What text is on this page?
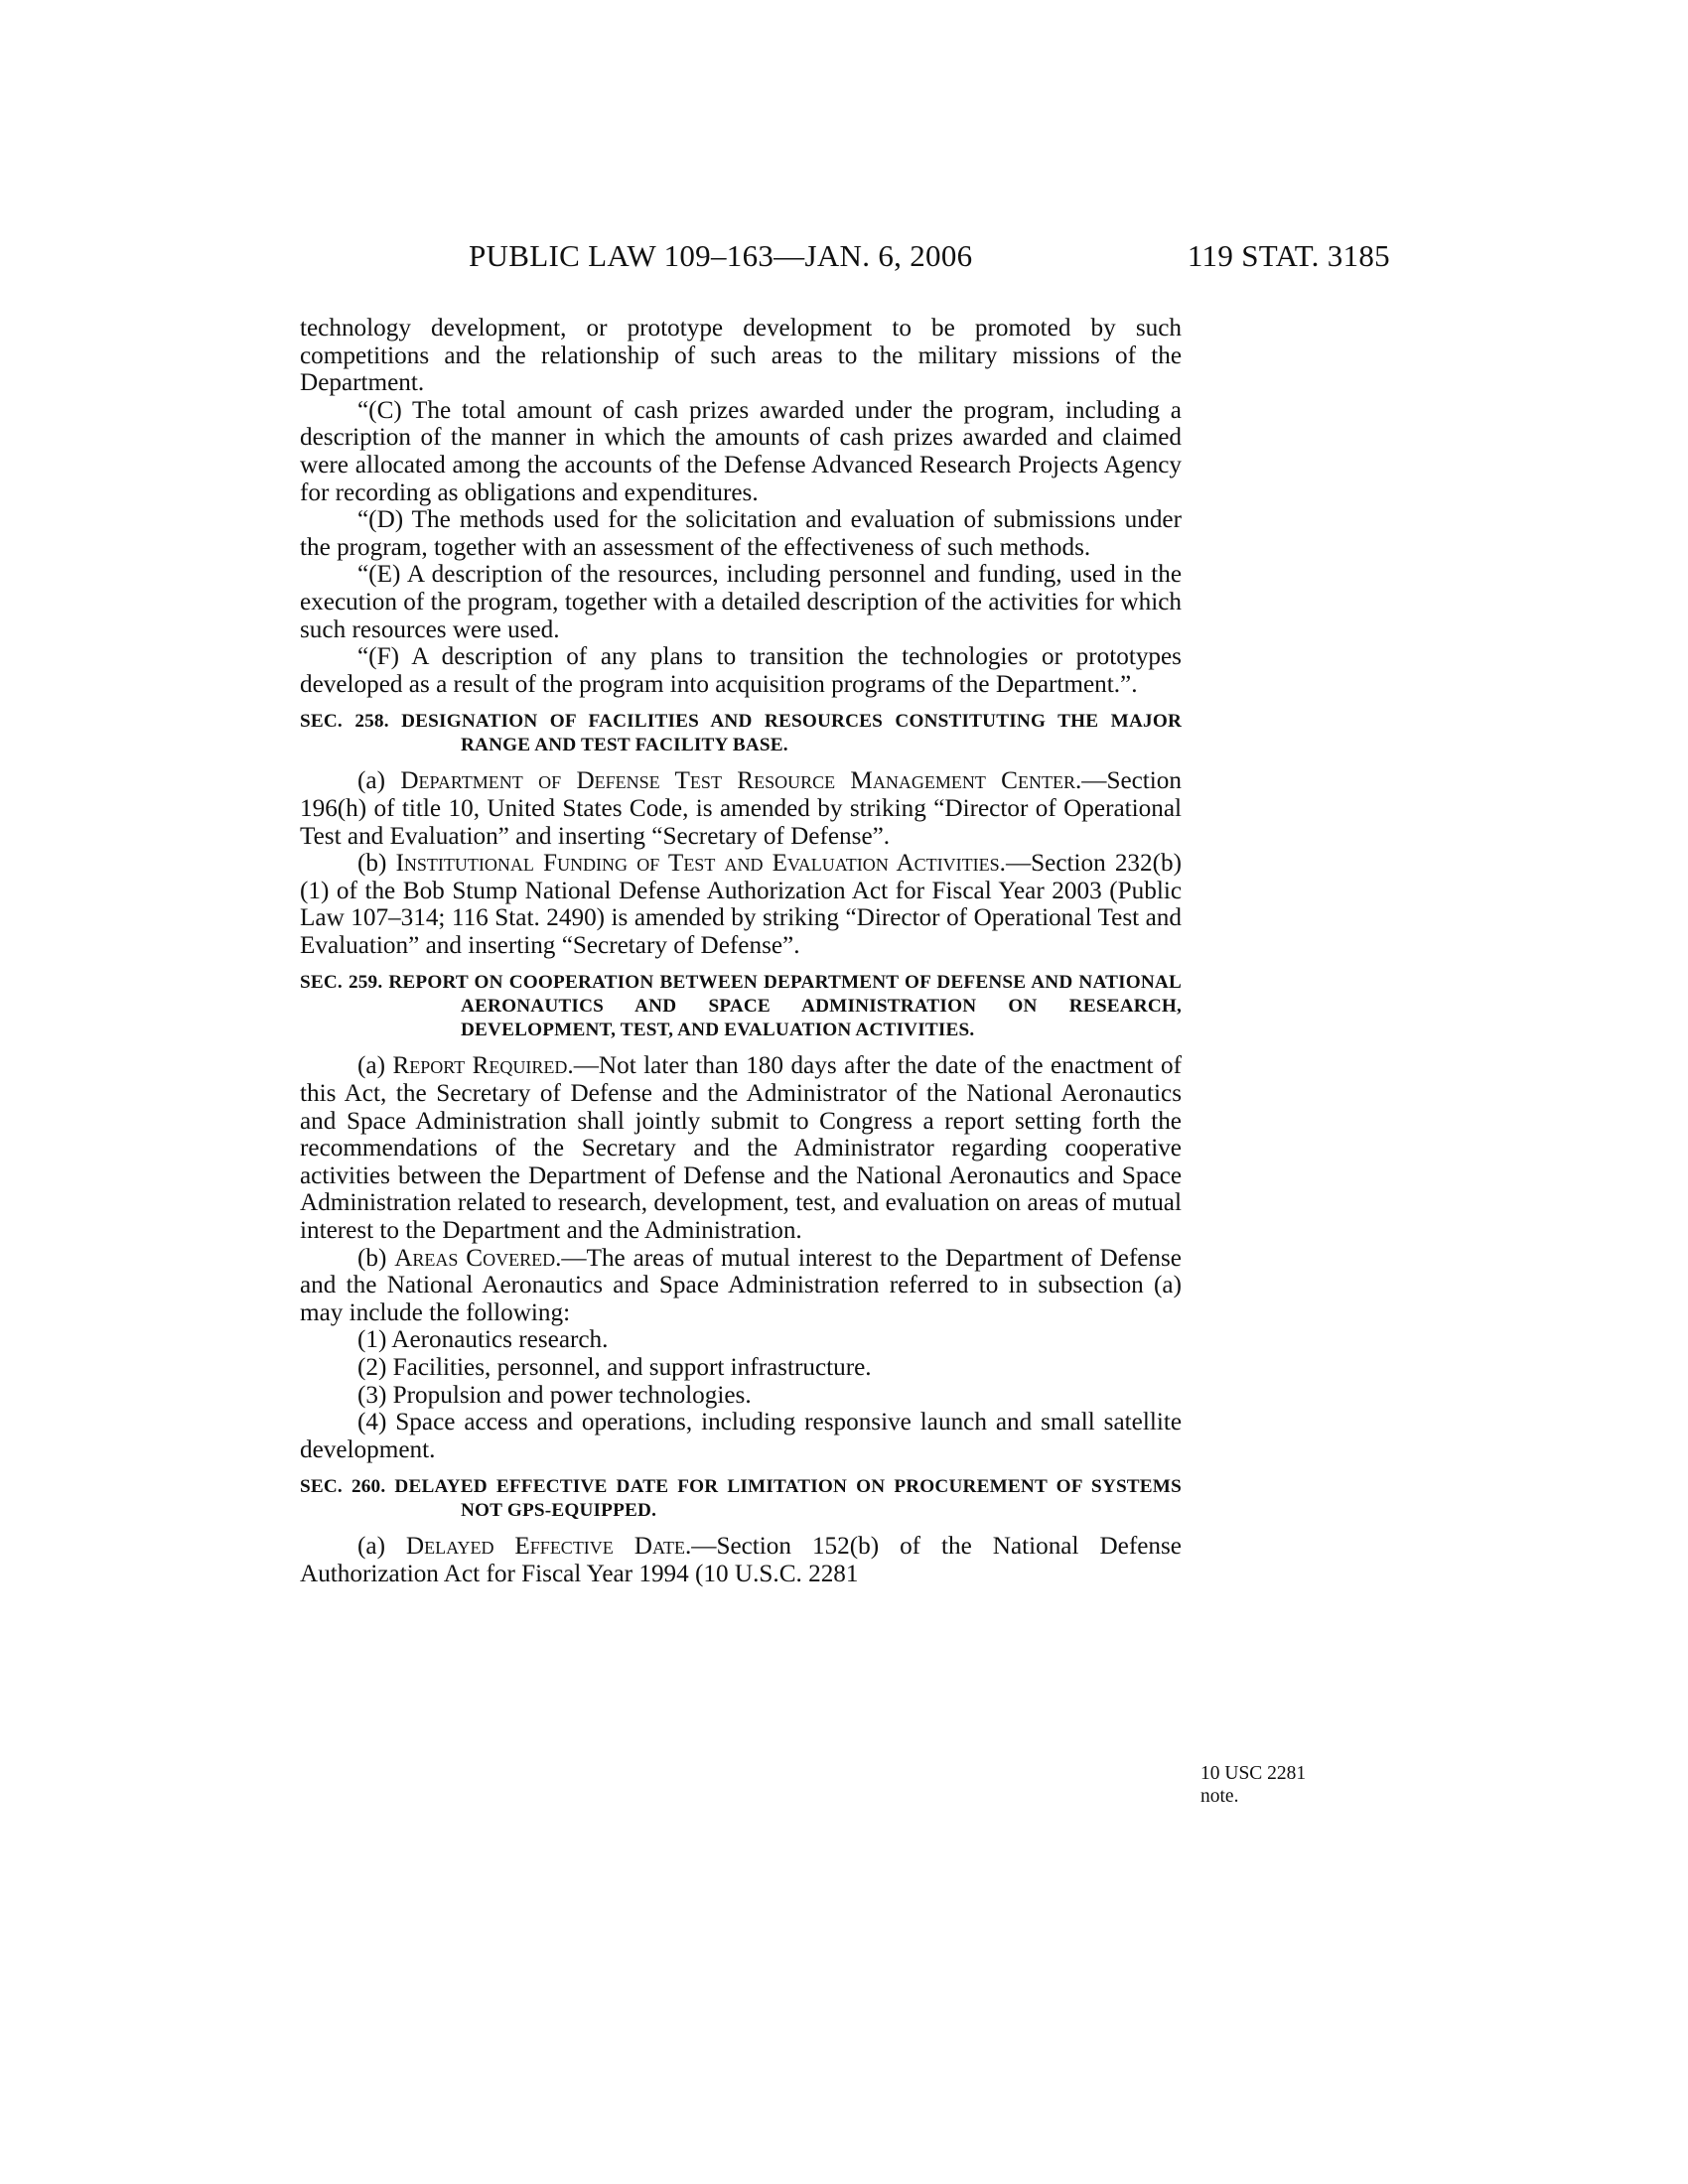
PUBLIC LAW 109–163—JAN. 6, 2006	119 STAT. 3185

technology development, or prototype development to be promoted by such competitions and the relationship of such areas to the military missions of the Department.

“(C) The total amount of cash prizes awarded under the program, including a description of the manner in which the amounts of cash prizes awarded and claimed were allocated among the accounts of the Defense Advanced Research Projects Agency for recording as obligations and expenditures.

“(D) The methods used for the solicitation and evaluation of submissions under the program, together with an assessment of the effectiveness of such methods.

“(E) A description of the resources, including personnel and funding, used in the execution of the program, together with a detailed description of the activities for which such resources were used.

“(F) A description of any plans to transition the technologies or prototypes developed as a result of the program into acquisition programs of the Department.”.

SEC. 258. DESIGNATION OF FACILITIES AND RESOURCES CONSTITUTING THE MAJOR RANGE AND TEST FACILITY BASE.

(a) Department of Defense Test Resource Management Center.—Section 196(h) of title 10, United States Code, is amended by striking “Director of Operational Test and Evaluation” and inserting “Secretary of Defense”.

(b) Institutional Funding of Test and Evaluation Activities.—Section 232(b)(1) of the Bob Stump National Defense Authorization Act for Fiscal Year 2003 (Public Law 107–314; 116 Stat. 2490) is amended by striking “Director of Operational Test and Evaluation” and inserting “Secretary of Defense”.

SEC. 259. REPORT ON COOPERATION BETWEEN DEPARTMENT OF DEFENSE AND NATIONAL AERONAUTICS AND SPACE ADMINISTRATION ON RESEARCH, DEVELOPMENT, TEST, AND EVALUATION ACTIVITIES.

(a) Report Required.—Not later than 180 days after the date of the enactment of this Act, the Secretary of Defense and the Administrator of the National Aeronautics and Space Administration shall jointly submit to Congress a report setting forth the recommendations of the Secretary and the Administrator regarding cooperative activities between the Department of Defense and the National Aeronautics and Space Administration related to research, development, test, and evaluation on areas of mutual interest to the Department and the Administration.

(b) Areas Covered.—The areas of mutual interest to the Department of Defense and the National Aeronautics and Space Administration referred to in subsection (a) may include the following:

(1) Aeronautics research.

(2) Facilities, personnel, and support infrastructure.

(3) Propulsion and power technologies.

(4) Space access and operations, including responsive launch and small satellite development.

SEC. 260. DELAYED EFFECTIVE DATE FOR LIMITATION ON PROCUREMENT OF SYSTEMS NOT GPS-EQUIPPED.

(a) Delayed Effective Date.—Section 152(b) of the National Defense Authorization Act for Fiscal Year 1994 (10 U.S.C. 2281

10 USC 2281
note.
